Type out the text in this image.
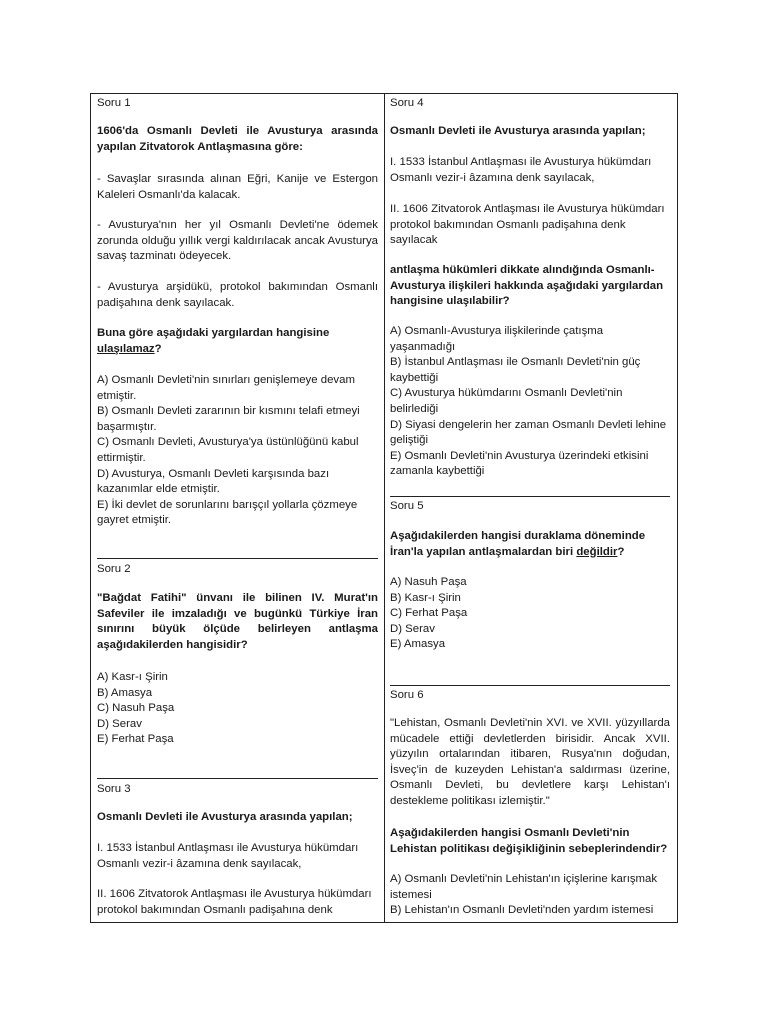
Soru 1

1606'da Osmanlı Devleti ile Avusturya arasında yapılan Zitvatorok Antlaşmasına göre:

- Savaşlar sırasında alınan Eğri, Kanije ve Estergon Kaleleri Osmanlı'da kalacak.

- Avusturya'nın her yıl Osmanlı Devleti'ne ödemek zorunda olduğu yıllık vergi kaldırılacak ancak Avusturya savaş tazminatı ödeyecek.

- Avusturya arşidükü, protokol bakımından Osmanlı padişahına denk sayılacak.

Buna göre aşağıdaki yargılardan hangisine ulaşılamaz?

A) Osmanlı Devleti'nin sınırları genişlemeye devam etmiştir.
B) Osmanlı Devleti zararının bir kısmını telafi etmeyi başarmıştır.
C) Osmanlı Devleti, Avusturya'ya üstünlüğünü kabul ettirmiştir.
D) Avusturya, Osmanlı Devleti karşısında bazı kazanımlar elde etmiştir.
E) İki devlet de sorunlarını barışçıl yollarla çözmeye gayret etmiştir.

Soru 2

"Bağdat Fatihi" ünvanı ile bilinen IV. Murat'ın Safeviler ile imzaladığı ve bugünkü Türkiye İran sınırını büyük ölçüde belirleyen antlaşma aşağıdakilerden hangisidir?

A) Kasr-ı Şirin
B) Amasya
C) Nasuh Paşa
D) Serav
E) Ferhat Paşa

Soru 3

Osmanlı Devleti ile Avusturya arasında yapılan;

I. 1533 İstanbul Antlaşması ile Avusturya hükümdarı Osmanlı vezir-i âzamına denk sayılacak,

II. 1606 Zitvatorok Antlaşması ile Avusturya hükümdarı protokol bakımından Osmanlı padişahına denk

Soru 4

Osmanlı Devleti ile Avusturya arasında yapılan;

I. 1533 İstanbul Antlaşması ile Avusturya hükümdarı Osmanlı vezir-i âzamına denk sayılacak,

II. 1606 Zitvatorok Antlaşması ile Avusturya hükümdarı protokol bakımından Osmanlı padişahına denk sayılacak

antlaşma hükümleri dikkate alındığında Osmanlı-Avusturya ilişkileri hakkında aşağıdaki yargılardan hangisine ulaşılabilir?

A) Osmanlı-Avusturya ilişkilerinde çatışma yaşanmadığı
B) İstanbul Antlaşması ile Osmanlı Devleti'nin güç kaybettiği
C) Avusturya hükümdarını Osmanlı Devleti'nin belirlediği
D) Siyasi dengelerin her zaman Osmanlı Devleti lehine geliştiği
E) Osmanlı Devleti'nin Avusturya üzerindeki etkisini zamanla kaybettiği

Soru 5

Aşağıdakilerden hangisi duraklama döneminde İran'la yapılan antlaşmalardan biri değildir?

A) Nasuh Paşa
B) Kasr-ı Şirin
C) Ferhat Paşa
D) Serav
E) Amasya

Soru 6

"Lehistan, Osmanlı Devleti'nin XVI. ve XVII. yüzyıllarda mücadele ettiği devletlerden birisidir. Ancak XVII. yüzyılın ortalarından itibaren, Rusya'nın doğudan, İsveç'in de kuzeyden Lehistan'a saldırması üzerine, Osmanlı Devleti, bu devletlere karşı Lehistan'ı destekleme politikası izlemiştir."

Aşağıdakilerden hangisi Osmanlı Devleti'nin Lehistan politikası değişikliğinin sebeplerindendir?

A) Osmanlı Devleti'nin Lehistan'ın içişlerine karışmak istemesi
B) Lehistan'ın Osmanlı Devleti'nden yardım istemesi
